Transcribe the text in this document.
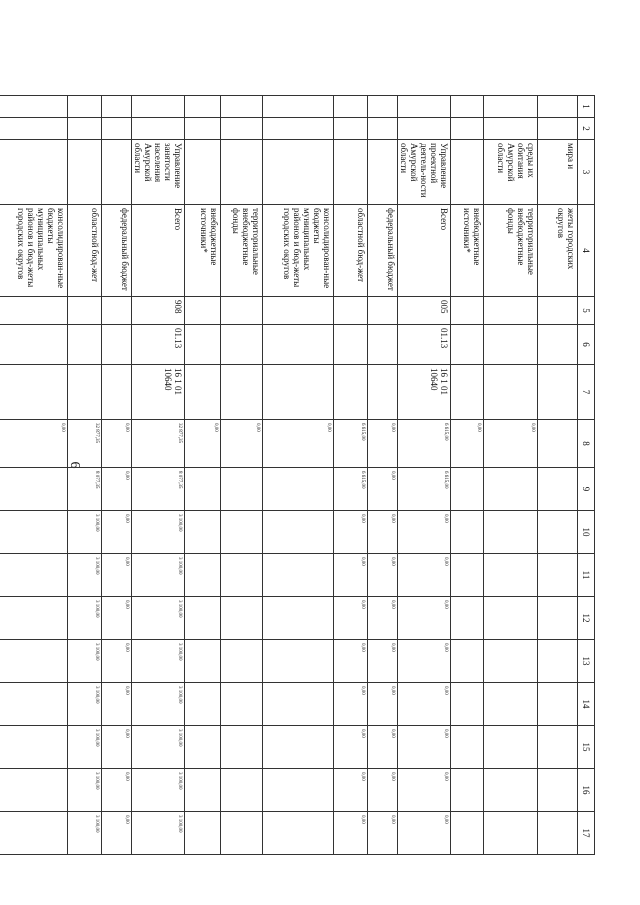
6
1	2	3	4	5	6	7	8	9	10	11	12	13	14	15	16	17
		мира и	жеты городских округов													
		среды их обитания Амурской области	территориальные внебюджетные фонды				0,00									
			внебюджетные источники*				0,00									
		Управление проектной деятель-ности Амурской области	Всего	005	01.13	16 1 01 10640	6 615,00	6 615,00	0,00	0,00	0,00	0,00	0,00	0,00	0,00	0,00
			федеральный бюджет				0,00	0,00	0,00	0,00	0,00	0,00	0,00	0,00	0,00	0,00
			областной бюд-жет				6 615,00	6 615,00	0,00	0,00	0,00	0,00	0,00	0,00	0,00	0,00
			консолидирован-ные бюджеты муниципальных районов и бюд-жеты городских округов				0,00									
			территориальные внебюджетные фонды				0,00									
			внебюджетные источники*				0,00									
		Управление занятости населения Амурской области	Всего	908	01.13	16 1 01 10640	32 877,35	8 077,35	3 100,00	3 100,00	3 100,00	3 100,00	3 100,00	3 100,00	3 100,00	3 100,00
			федеральный бюджет				0,00	0,00	0,00	0,00	0,00	0,00	0,00	0,00	0,00	0,00
			областной бюд-жет				32 877,35	8 077,35	3 100,00	3 100,00	3 100,00	3 100,00	3 100,00	3 100,00	3 100,00	3 100,00
			консолидирован-ные бюджеты муниципальных районов и бюд-жеты городских округов				0,00									
